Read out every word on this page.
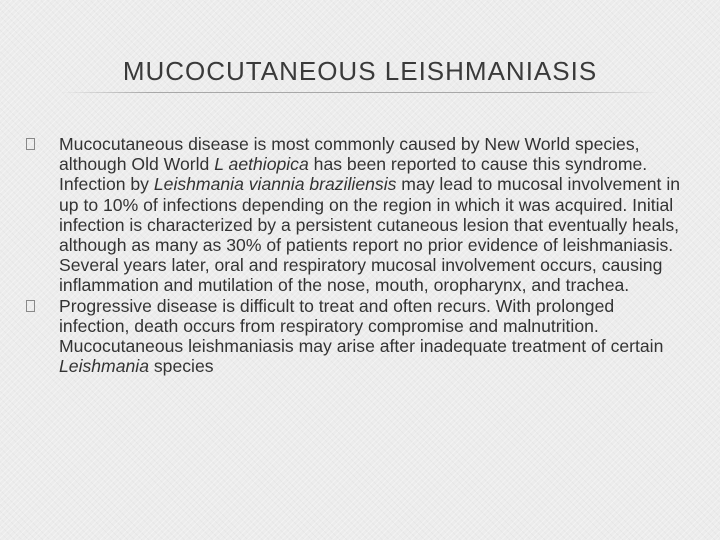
MUCOCUTANEOUS LEISHMANIASIS
Mucocutaneous disease is most commonly caused by New World species, although Old World L aethiopica has been reported to cause this syndrome. Infection by Leishmania viannia braziliensis may lead to mucosal involvement in up to 10% of infections depending on the region in which it was acquired. Initial infection is characterized by a persistent cutaneous lesion that eventually heals, although as many as 30% of patients report no prior evidence of leishmaniasis. Several years later, oral and respiratory mucosal involvement occurs, causing inflammation and mutilation of the nose, mouth, oropharynx, and trachea.
Progressive disease is difficult to treat and often recurs. With prolonged infection, death occurs from respiratory compromise and malnutrition. Mucocutaneous leishmaniasis may arise after inadequate treatment of certain Leishmania species
